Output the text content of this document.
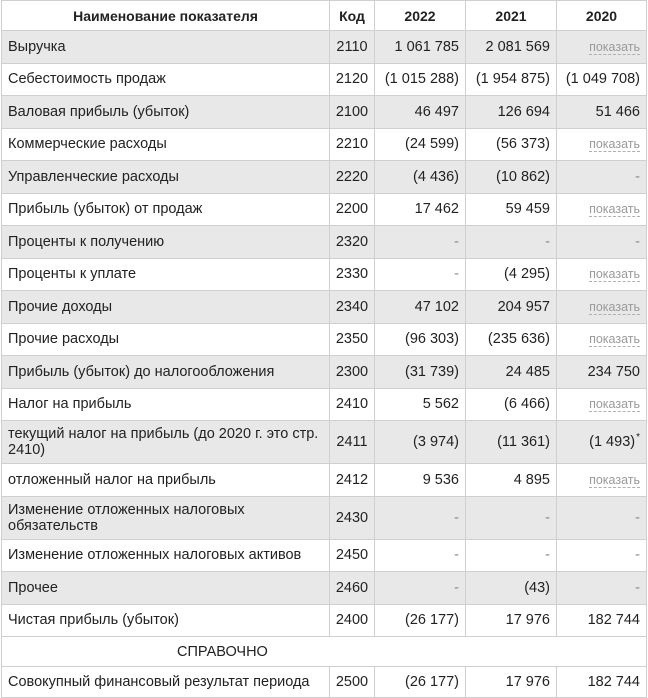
Наименование показателя	Код	2022	2021	2020
Выручка	2110	1 061 785	2 081 569	показать
Себестоимость продаж	2120	(1 015 288)	(1 954 875)	(1 049 708)
Валовая прибыль (убыток)	2100	46 497	126 694	51 466
Коммерческие расходы	2210	(24 599)	(56 373)	показать
Управленческие расходы	2220	(4 436)	(10 862)	-
Прибыль (убыток) от продаж	2200	17 462	59 459	показать
Проценты к получению	2320	-	-	-
Проценты к уплате	2330	-	(4 295)	показать
Прочие доходы	2340	47 102	204 957	показать
Прочие расходы	2350	(96 303)	(235 636)	показать
Прибыль (убыток) до налогообложения	2300	(31 739)	24 485	234 750
Налог на прибыль	2410	5 562	(6 466)	показать
текущий налог на прибыль (до 2020 г. это стр. 2410)	2411	(3 974)	(11 361)	(1 493)*
отложенный налог на прибыль	2412	9 536	4 895	показать
Изменение отложенных налоговых обязательств	2430	-	-	-
Изменение отложенных налоговых активов	2450	-	-	-
Прочее	2460	-	(43)	-
Чистая прибыль (убыток)	2400	(26 177)	17 976	182 744
СПРАВОЧНО				
Совокупный финансовый результат периода	2500	(26 177)	17 976	182 744
